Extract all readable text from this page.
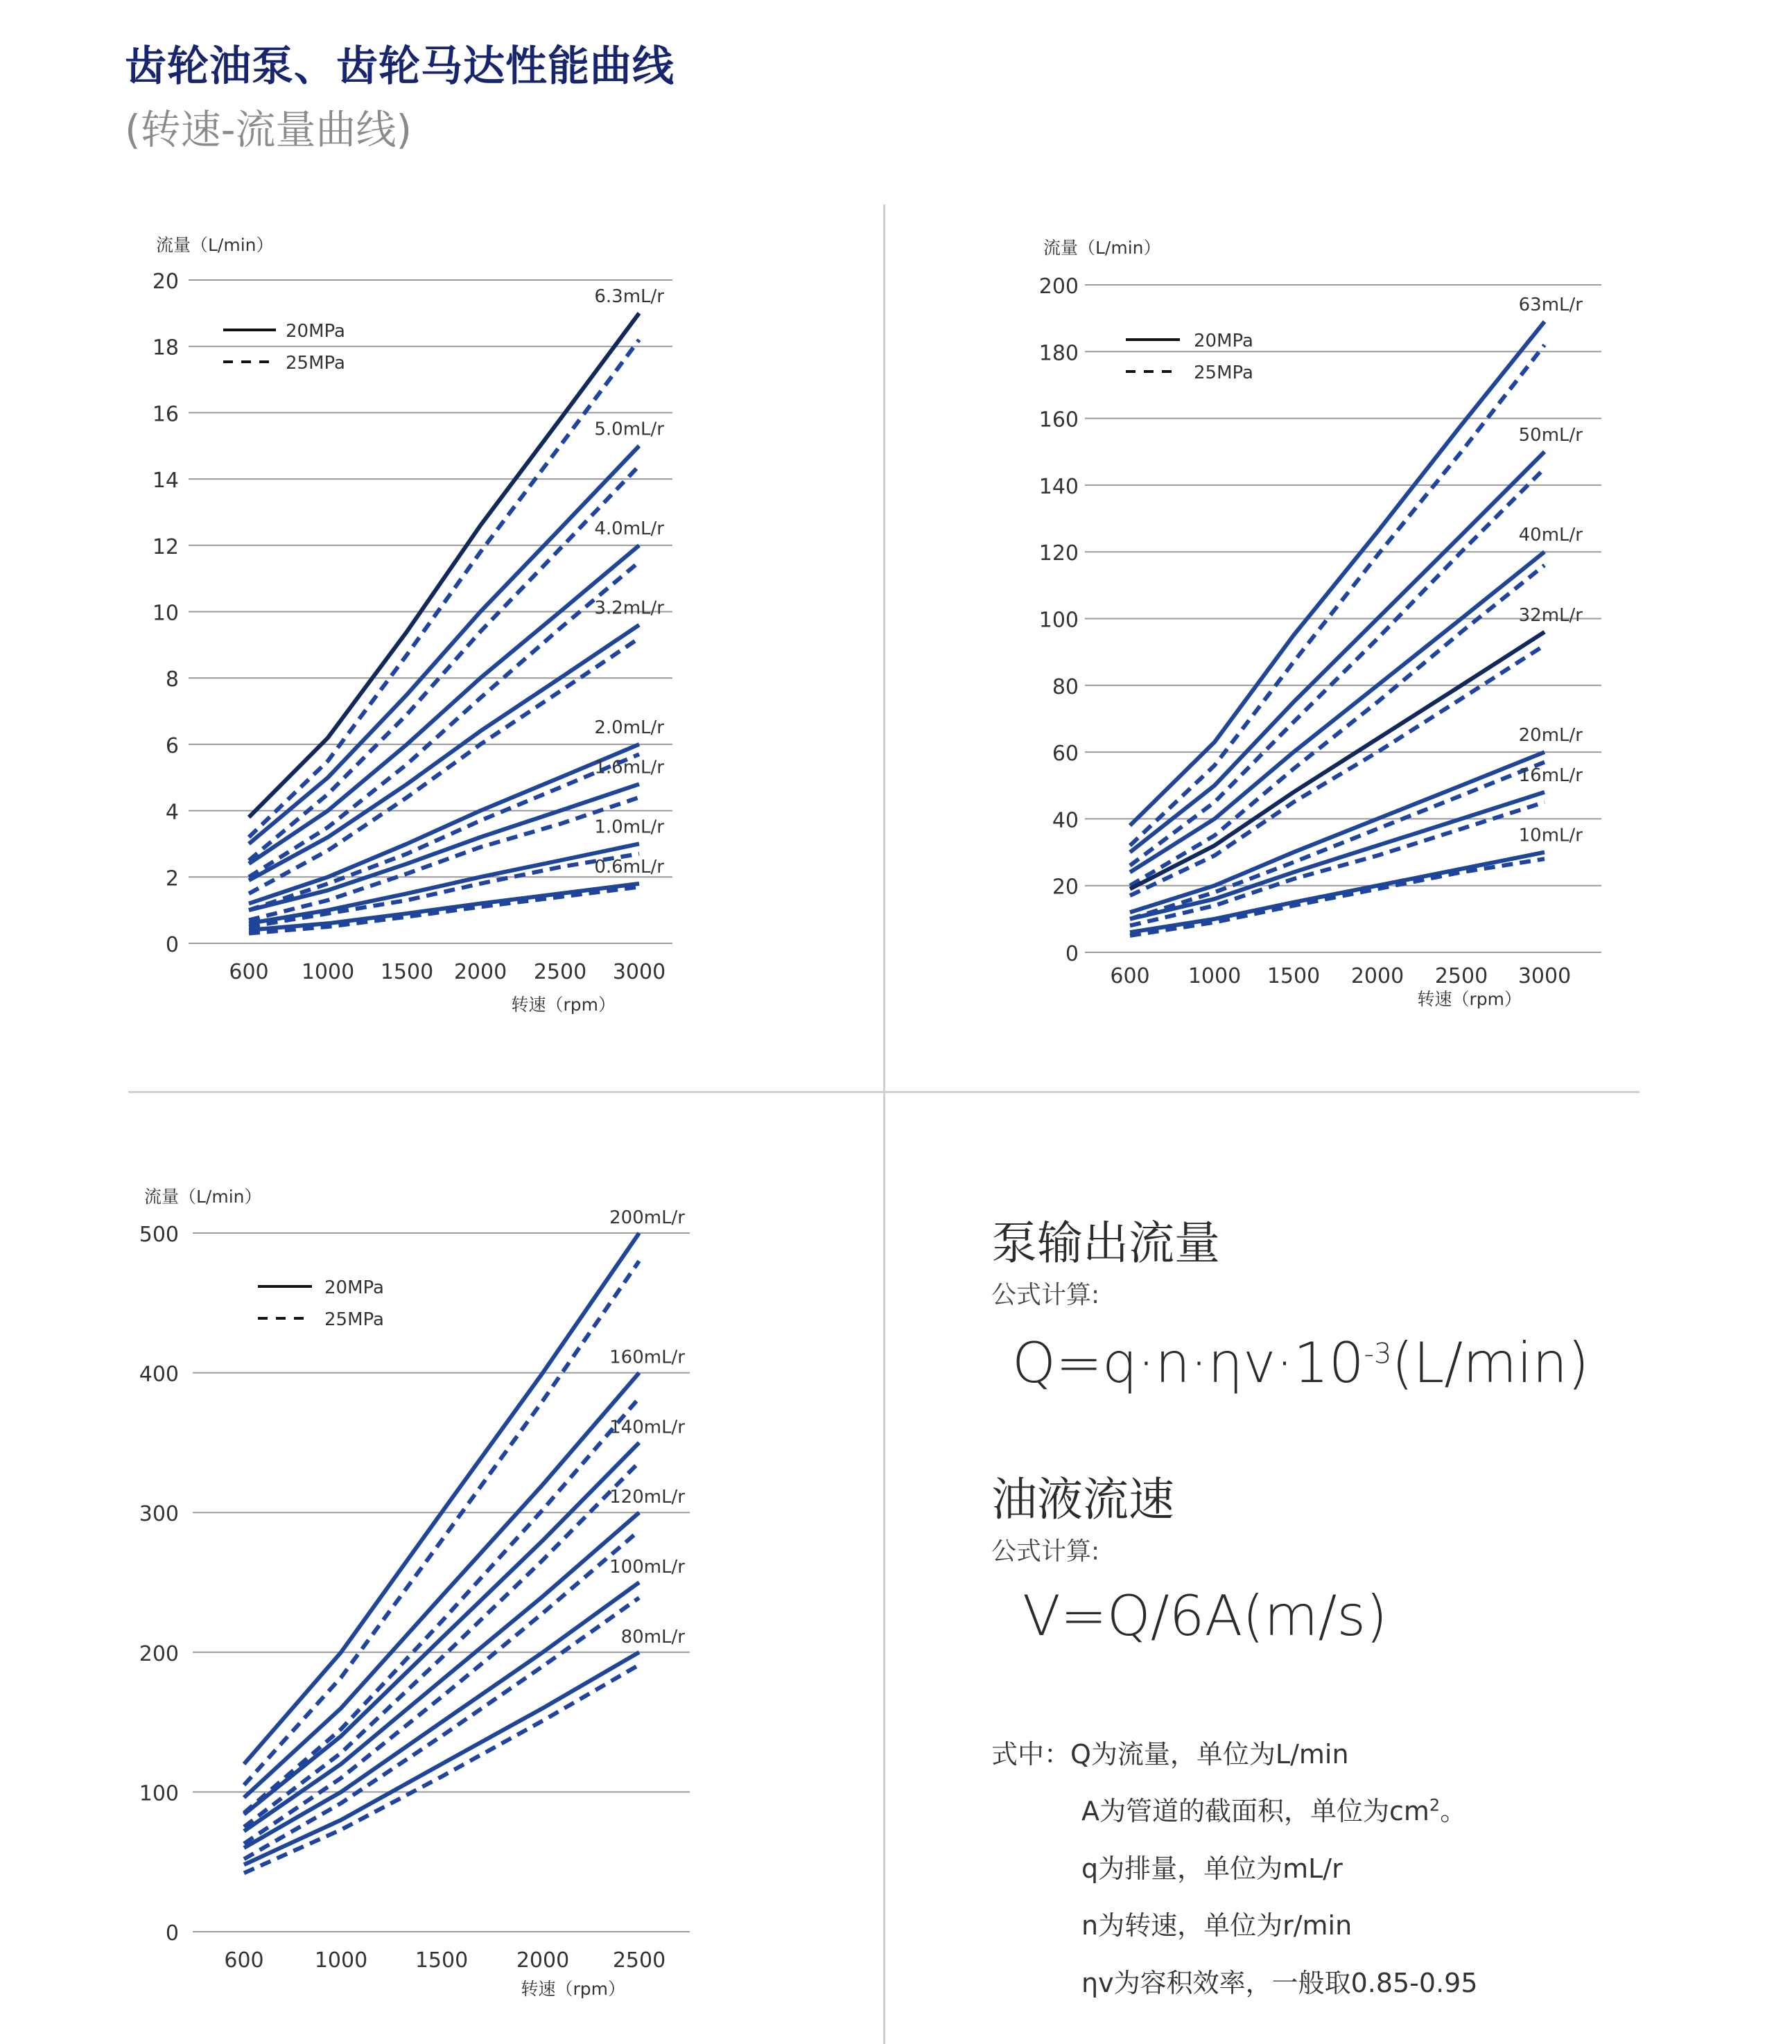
齿轮油泵、齿轮马达性能曲线
(转速-流量曲线)
0
2
4
6
8
10
12
14
16
18
20
600 1000 1500 2000 2500 3000
流量（L/min）
转速（rpm）
20MPa
25MPa
6.3mL/r
5.0mL/r
4.0mL/r
3.2mL/r
2.0mL/r
1.6mL/r
1.0mL/r
0.6mL/r
0
20
40
60
80
100
120
140
160
180
200
600 1000 1500 2000 2500 3000
流量（L/min）
转速（rpm）
20MPa
25MPa
63mL/r
50mL/r
40mL/r
32mL/r
20mL/r
16mL/r
10mL/r
0
100
200
300
400
500
600 1000 1500 2000 2500
流量（L/min）
转速（rpm）
20MPa
25MPa
200mL/r
160mL/r
140mL/r
120mL/r
100mL/r
80mL/r
泵输出流量
公式计算:
$Q=q\cdot n\cdot\eta v\cdot 10^{-3}(L/\min)$
油液流速
公式计算:
V=Q/6A(m/s)
式中：Q为流量，单位为L/min
A为管道的截面积，单位为$cm^2$。
q为排量，单位为mL/r
n为转速，单位为r/min
ηv为容积效率，一般取0.85-0.95
